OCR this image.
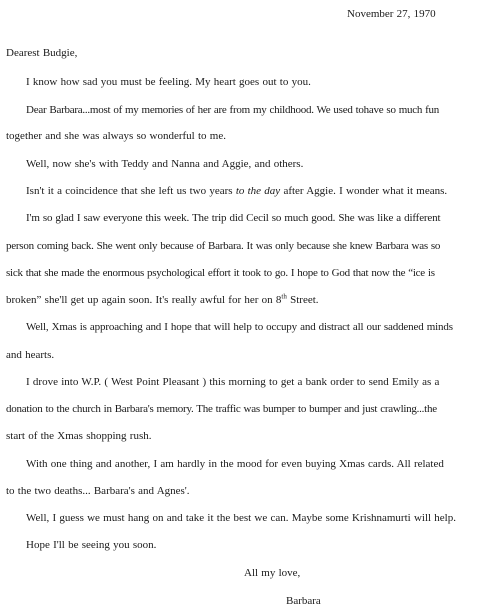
November 27, 1970

Dearest Budgie,

I know how sad you must be feeling. My heart goes out to you.

Dear Barbara...most of my memories of her are from my childhood. We used tohave so much fun

together and she was always so wonderful to me.

Well, now she's with Teddy and Nanna and Aggie, and others.

Isn't it a coincidence that she left us two years to the day after Aggie. I wonder what it means.

I'm so glad I saw everyone this week. The trip did Cecil so much good. She was like a different

person coming back. She went only because of Barbara. It was only because she knew Barbara was so

sick that she made the enormous psychological effort it took to go. I hope to God that now the “ice is

broken” she'll get up again soon. It's really awful for her on 8th Street.

Well, Xmas is approaching and I hope that will help to occupy and distract all our saddened minds

and hearts.

I drove into W.P. ( West Point Pleasant ) this morning to get a bank order to send Emily as a

donation to the church in Barbara's memory. The traffic was bumper to bumper and just crawling...the

start of the Xmas shopping rush.

With one thing and another, I am hardly in the mood for even buying Xmas cards. All related

to the two deaths... Barbara's and Agnes'.

Well, I guess we must hang on and take it the best we can. Maybe some Krishnamurti will help.

Hope I'll be seeing you soon.

All my love,

Barbara
